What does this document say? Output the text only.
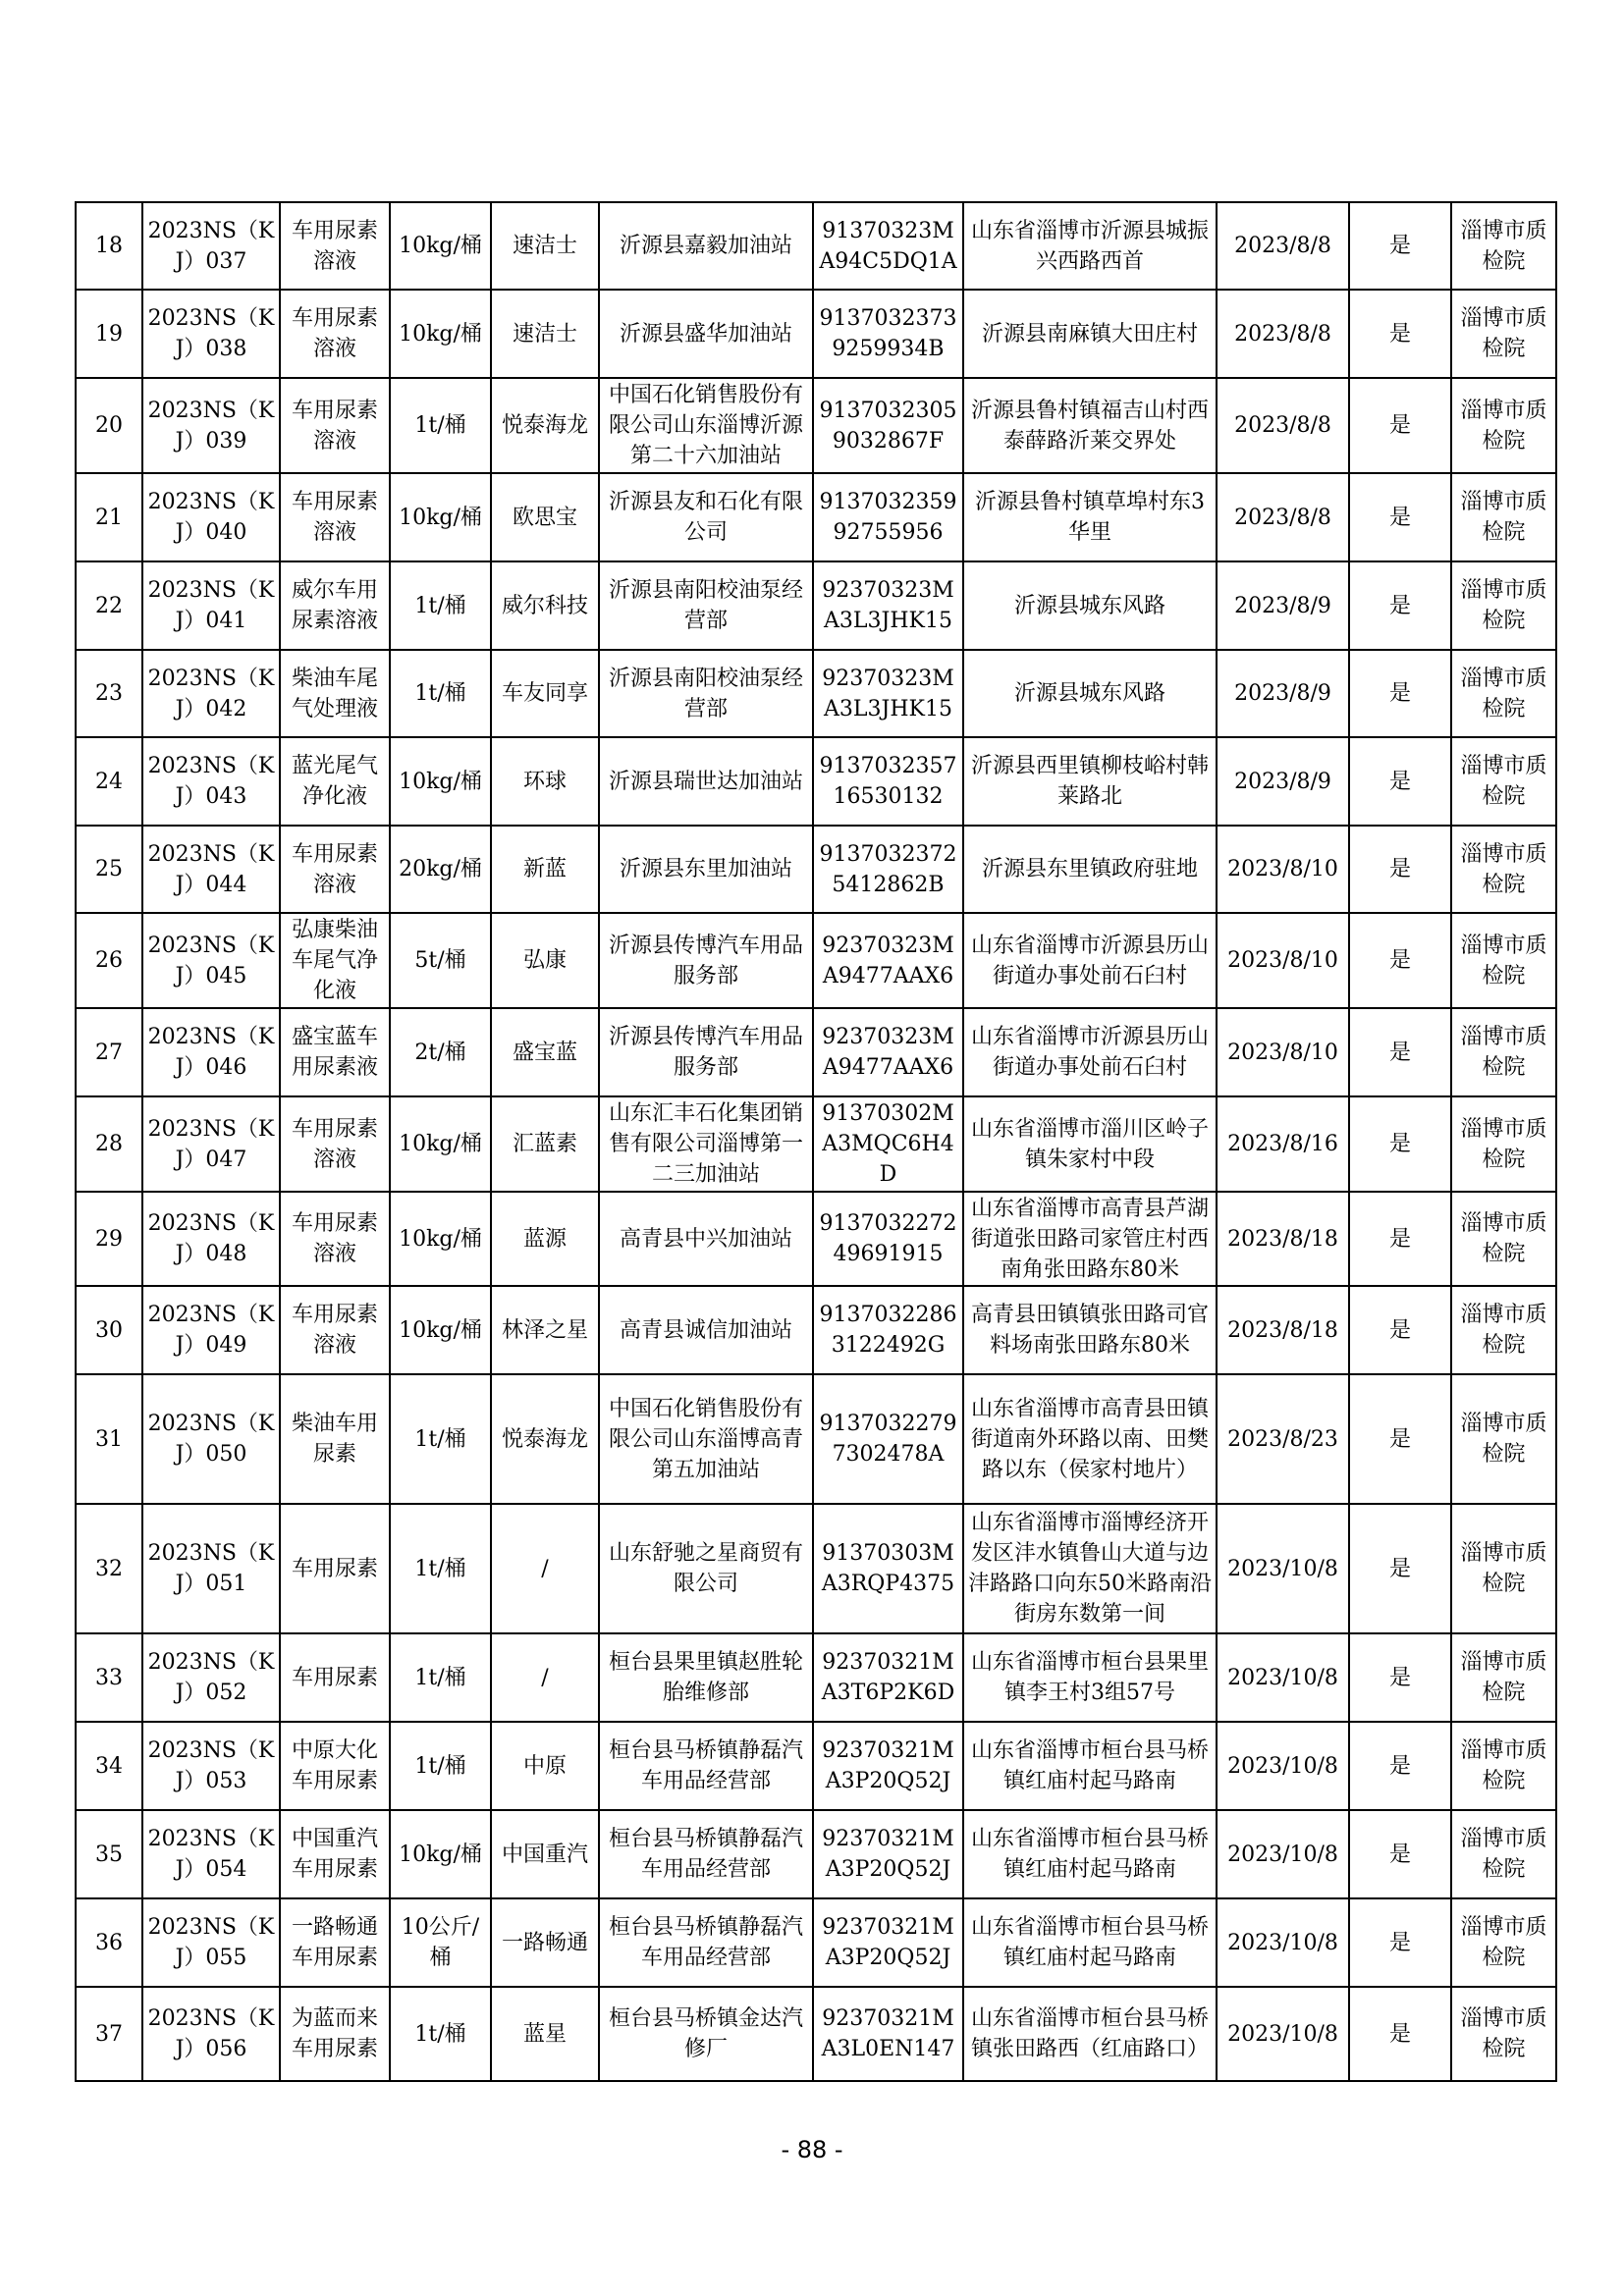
18	2023NS（KJ）037	车用尿素溶液	10kg/桶	速洁士	沂源县嘉毅加油站	91370323MA94C5DQ1A	山东省淄博市沂源县城振兴西路西首	2023/8/8	是	淄博市质检院
19	2023NS（KJ）038	车用尿素溶液	10kg/桶	速洁士	沂源县盛华加油站	91370323739259934B	沂源县南麻镇大田庄村	2023/8/8	是	淄博市质检院
20	2023NS（KJ）039	车用尿素溶液	1t/桶	悦泰海龙	中国石化销售股份有限公司山东淄博沂源第二十六加油站	91370323059032867F	沂源县鲁村镇福吉山村西泰薛路沂莱交界处	2023/8/8	是	淄博市质检院
21	2023NS（KJ）040	车用尿素溶液	10kg/桶	欧思宝	沂源县友和石化有限公司	913703235992755956	沂源县鲁村镇草埠村东3华里	2023/8/8	是	淄博市质检院
22	2023NS（KJ）041	威尔车用尿素溶液	1t/桶	威尔科技	沂源县南阳校油泵经营部	92370323MA3L3JHK15	沂源县城东风路	2023/8/9	是	淄博市质检院
23	2023NS（KJ）042	柴油车尾气处理液	1t/桶	车友同享	沂源县南阳校油泵经营部	92370323MA3L3JHK15	沂源县城东风路	2023/8/9	是	淄博市质检院
24	2023NS（KJ）043	蓝光尾气净化液	10kg/桶	环球	沂源县瑞世达加油站	913703235716530132	沂源县西里镇柳枝峪村韩莱路北	2023/8/9	是	淄博市质检院
25	2023NS（KJ）044	车用尿素溶液	20kg/桶	新蓝	沂源县东里加油站	91370323725412862B	沂源县东里镇政府驻地	2023/8/10	是	淄博市质检院
26	2023NS（KJ）045	弘康柴油车尾气净化液	5t/桶	弘康	沂源县传博汽车用品服务部	92370323MA9477AAX6	山东省淄博市沂源县历山街道办事处前石臼村	2023/8/10	是	淄博市质检院
27	2023NS（KJ）046	盛宝蓝车用尿素液	2t/桶	盛宝蓝	沂源县传博汽车用品服务部	92370323MA9477AAX6	山东省淄博市沂源县历山街道办事处前石臼村	2023/8/10	是	淄博市质检院
28	2023NS（KJ）047	车用尿素溶液	10kg/桶	汇蓝素	山东汇丰石化集团销售有限公司淄博第一二三加油站	91370302MA3MQC6H4D	山东省淄博市淄川区岭子镇朱家村中段	2023/8/16	是	淄博市质检院
29	2023NS（KJ）048	车用尿素溶液	10kg/桶	蓝源	高青县中兴加油站	913703227249691915	山东省淄博市高青县芦湖街道张田路司家管庄村西南角张田路东80米	2023/8/18	是	淄博市质检院
30	2023NS（KJ）049	车用尿素溶液	10kg/桶	林泽之星	高青县诚信加油站	91370322863122492G	高青县田镇镇张田路司官料场南张田路东80米	2023/8/18	是	淄博市质检院
31	2023NS（KJ）050	柴油车用尿素	1t/桶	悦泰海龙	中国石化销售股份有限公司山东淄博高青第五加油站	91370322797302478A	山东省淄博市高青县田镇街道南外环路以南、田樊路以东（侯家村地片）	2023/8/23	是	淄博市质检院
32	2023NS（KJ）051	车用尿素	1t/桶	/	山东舒驰之星商贸有限公司	91370303MA3RQP4375	山东省淄博市淄博经济开发区沣水镇鲁山大道与边沣路路口向东50米路南沿街房东数第一间	2023/10/8	是	淄博市质检院
33	2023NS（KJ）052	车用尿素	1t/桶	/	桓台县果里镇赵胜轮胎维修部	92370321MA3T6P2K6D	山东省淄博市桓台县果里镇李王村3组57号	2023/10/8	是	淄博市质检院
34	2023NS（KJ）053	中原大化车用尿素	1t/桶	中原	桓台县马桥镇静磊汽车用品经营部	92370321MA3P20Q52J	山东省淄博市桓台县马桥镇红庙村起马路南	2023/10/8	是	淄博市质检院
35	2023NS（KJ）054	中国重汽车用尿素	10kg/桶	中国重汽	桓台县马桥镇静磊汽车用品经营部	92370321MA3P20Q52J	山东省淄博市桓台县马桥镇红庙村起马路南	2023/10/8	是	淄博市质检院
36	2023NS（KJ）055	一路畅通车用尿素	10公斤/桶	一路畅通	桓台县马桥镇静磊汽车用品经营部	92370321MA3P20Q52J	山东省淄博市桓台县马桥镇红庙村起马路南	2023/10/8	是	淄博市质检院
37	2023NS（KJ）056	为蓝而来车用尿素	1t/桶	蓝星	桓台县马桥镇金达汽修厂	92370321MA3L0EN147	山东省淄博市桓台县马桥镇张田路西（红庙路口）	2023/10/8	是	淄博市质检院
- 88 -
